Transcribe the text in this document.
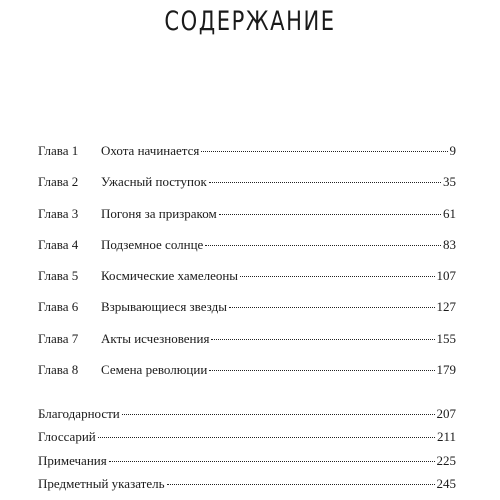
СОДЕРЖАНИЕ
Глава 1	Охота начинается	9
Глава 2	Ужасный поступок	35
Глава 3	Погоня за призраком	61
Глава 4	Подземное солнце	83
Глава 5	Космические хамелеоны	107
Глава 6	Взрывающиеся звезды	127
Глава 7	Акты исчезновения	155
Глава 8	Семена революции	179
Благодарности	207
Глоссарий	211
Примечания	225
Предметный указатель	245
